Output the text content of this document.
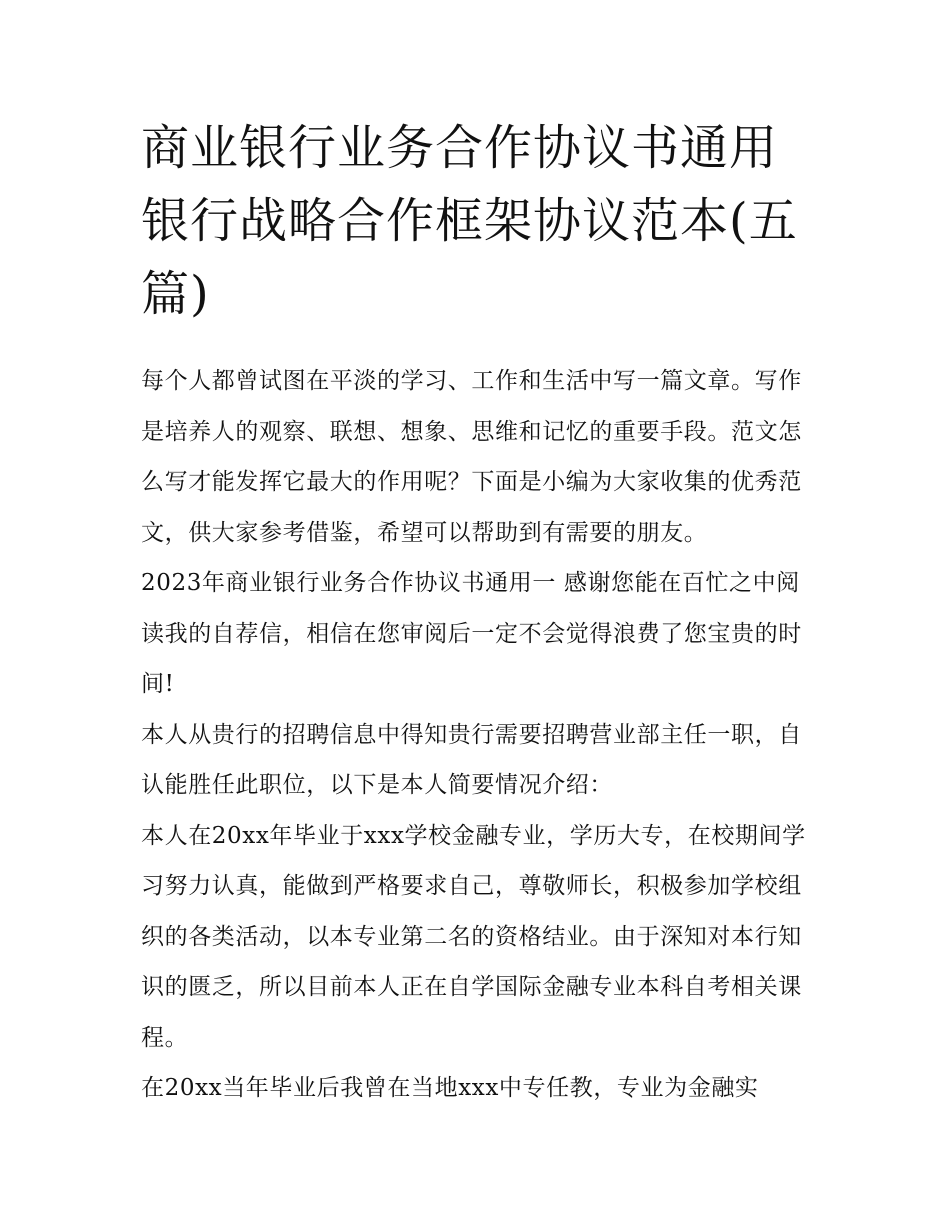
商业银行业务合作协议书通用银行战略合作框架协议范本(五篇)

每个人都曾试图在平淡的学习、工作和生活中写一篇文章。写作是培养人的观察、联想、想象、思维和记忆的重要手段。范文怎么写才能发挥它最大的作用呢？下面是小编为大家收集的优秀范文，供大家参考借鉴，希望可以帮助到有需要的朋友。

2023年商业银行业务合作协议书通用一 感谢您能在百忙之中阅读我的自荐信，相信在您审阅后一定不会觉得浪费了您宝贵的时间!

本人从贵行的招聘信息中得知贵行需要招聘营业部主任一职，自认能胜任此职位，以下是本人简要情况介绍：

本人在20xx年毕业于xxx学校金融专业，学历大专，在校期间学习努力认真，能做到严格要求自己，尊敬师长，积极参加学校组织的各类活动，以本专业第二名的资格结业。由于深知对本行知识的匮乏，所以目前本人正在自学国际金融专业本科自考相关课程。

在20xx当年毕业后我曾在当地xxx中专任教，专业为金融实
